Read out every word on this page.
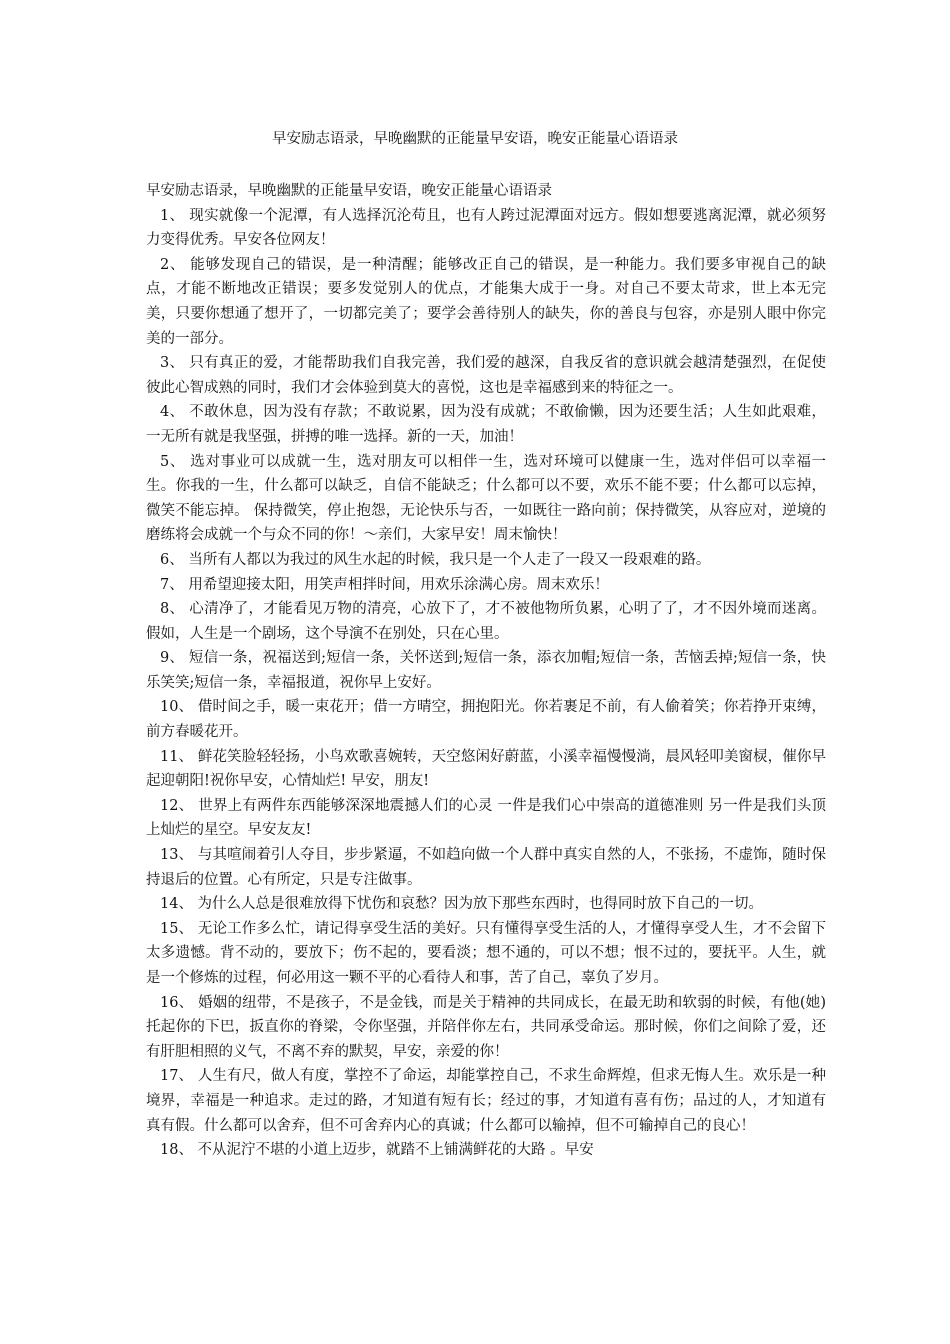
早安励志语录，早晚幽默的正能量早安语，晚安正能量心语语录

早安励志语录，早晚幽默的正能量早安语，晚安正能量心语语录

1、 现实就像一个泥潭，有人选择沉沦苟且，也有人跨过泥潭面对远方。假如想要逃离泥潭，就必须努力变得优秀。早安各位网友！

2、 能够发现自己的错误，是一种清醒；能够改正自己的错误，是一种能力。我们要多审视自己的缺点，才能不断地改正错误；要多发觉别人的优点，才能集大成于一身。对自己不要太苛求，世上本无完美，只要你想通了想开了，一切都完美了；要学会善待别人的缺失，你的善良与包容，亦是别人眼中你完美的一部分。

3、 只有真正的爱，才能帮助我们自我完善，我们爱的越深，自我反省的意识就会越清楚强烈，在促使彼此心智成熟的同时，我们才会体验到莫大的喜悦，这也是幸福感到来的特征之一。

4、 不敢休息，因为没有存款；不敢说累，因为没有成就；不敢偷懒，因为还要生活；人生如此艰难，一无所有就是我坚强，拼搏的唯一选择。新的一天，加油！

5、 选对事业可以成就一生，选对朋友可以相伴一生，选对环境可以健康一生，选对伴侣可以幸福一生。你我的一生，什么都可以缺乏，自信不能缺乏；什么都可以不要，欢乐不能不要；什么都可以忘掉，微笑不能忘掉。 保持微笑，停止抱怨，无论快乐与否，一如既往一路向前；保持微笑，从容应对，逆境的磨练将会成就一个与众不同的你！～亲们，大家早安！周末愉快！

6、 当所有人都以为我过的风生水起的时候，我只是一个人走了一段又一段艰难的路。

7、 用希望迎接太阳，用笑声相拌时间，用欢乐涂满心房。周末欢乐！

8、 心清净了，才能看见万物的清亮，心放下了，才不被他物所负累，心明了了，才不因外境而迷离。假如，人生是一个剧场，这个导演不在别处，只在心里。

9、 短信一条，祝福送到;短信一条，关怀送到;短信一条，添衣加帽;短信一条，苦恼丢掉;短信一条，快乐笑笑;短信一条，幸福报道，祝你早上安好。

10、 借时间之手，暖一束花开；借一方晴空，拥抱阳光。你若裹足不前，有人偷着笑；你若挣开束缚，前方春暖花开。

11、 鲜花笑脸轻轻扬，小鸟欢歌喜婉转，天空悠闲好蔚蓝，小溪幸福慢慢淌，晨风轻叩美窗棂，催你早起迎朝阳!祝你早安，心情灿烂! 早安，朋友!

12、 世界上有两件东西能够深深地震撼人们的心灵 一件是我们心中崇高的道德准则 另一件是我们头顶上灿烂的星空。早安友友!

13、 与其喧闹着引人夺目，步步紧逼，不如趋向做一个人群中真实自然的人，不张扬，不虚饰，随时保持退后的位置。心有所定，只是专注做事。

14、 为什么人总是很难放得下忧伤和哀愁？因为放下那些东西时，也得同时放下自己的一切。

15、 无论工作多么忙，请记得享受生活的美好。只有懂得享受生活的人，才懂得享受人生，才不会留下太多遗憾。背不动的，要放下；伤不起的，要看淡；想不通的，可以不想；恨不过的，要抚平。人生，就是一个修炼的过程，何必用这一颗不平的心看待人和事，苦了自己，辜负了岁月。

16、 婚姻的纽带，不是孩子，不是金钱，而是关于精神的共同成长，在最无助和软弱的时候，有他(她)托起你的下巴，扳直你的脊梁，令你坚强，并陪伴你左右，共同承受命运。那时候，你们之间除了爱，还有肝胆相照的义气，不离不弃的默契，早安，亲爱的你！

17、 人生有尺，做人有度，掌控不了命运，却能掌控自己，不求生命辉煌，但求无悔人生。欢乐是一种境界，幸福是一种追求。走过的路，才知道有短有长；经过的事，才知道有喜有伤；品过的人，才知道有真有假。什么都可以舍弃，但不可舍弃内心的真诚；什么都可以输掉，但不可输掉自己的良心！

18、 不从泥泞不堪的小道上迈步，就踏不上铺满鲜花的大路 。早安
